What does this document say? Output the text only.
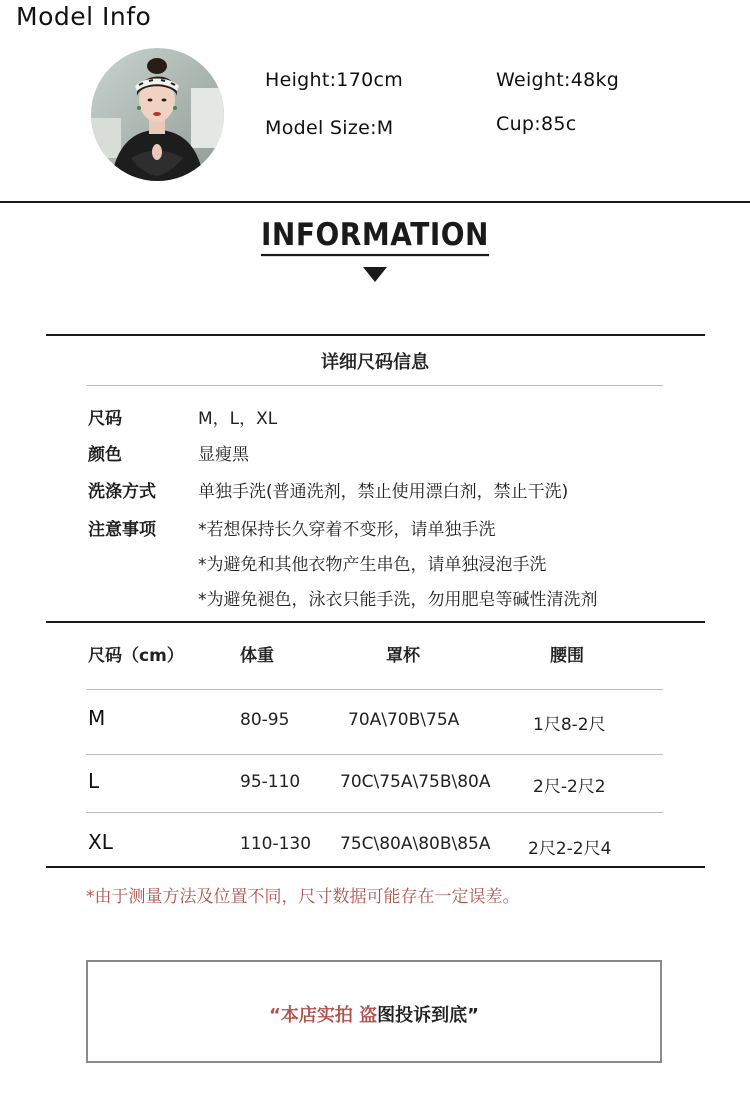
Model Info
Height:170cm	Weight:48kg
Model Size:M	Cup:85c
INFORMATION
详细尺码信息
尺码	M，L，XL
颜色	显瘦黑
洗涤方式 单独手洗(普通洗剂，禁止使用漂白剂，禁止干洗)
注意事项 *若想保持长久穿着不变形，请单独手洗
*为避免和其他衣物产生串色，请单独浸泡手洗
*为避免褪色，泳衣只能手洗，勿用肥皂等碱性清洗剂
尺码（cm）	体重	罩杯	腰围
M	80-95	70A\70B\75A	1尺8-2尺
L	95-110 70C\75A\75B\80A 2尺-2尺2
XL	110-130 75C\80A\80B\85A 2尺2-2尺4
*由于测量方法及位置不同，尺寸数据可能存在一定误差。
“本店实拍 盗图投诉到底”
